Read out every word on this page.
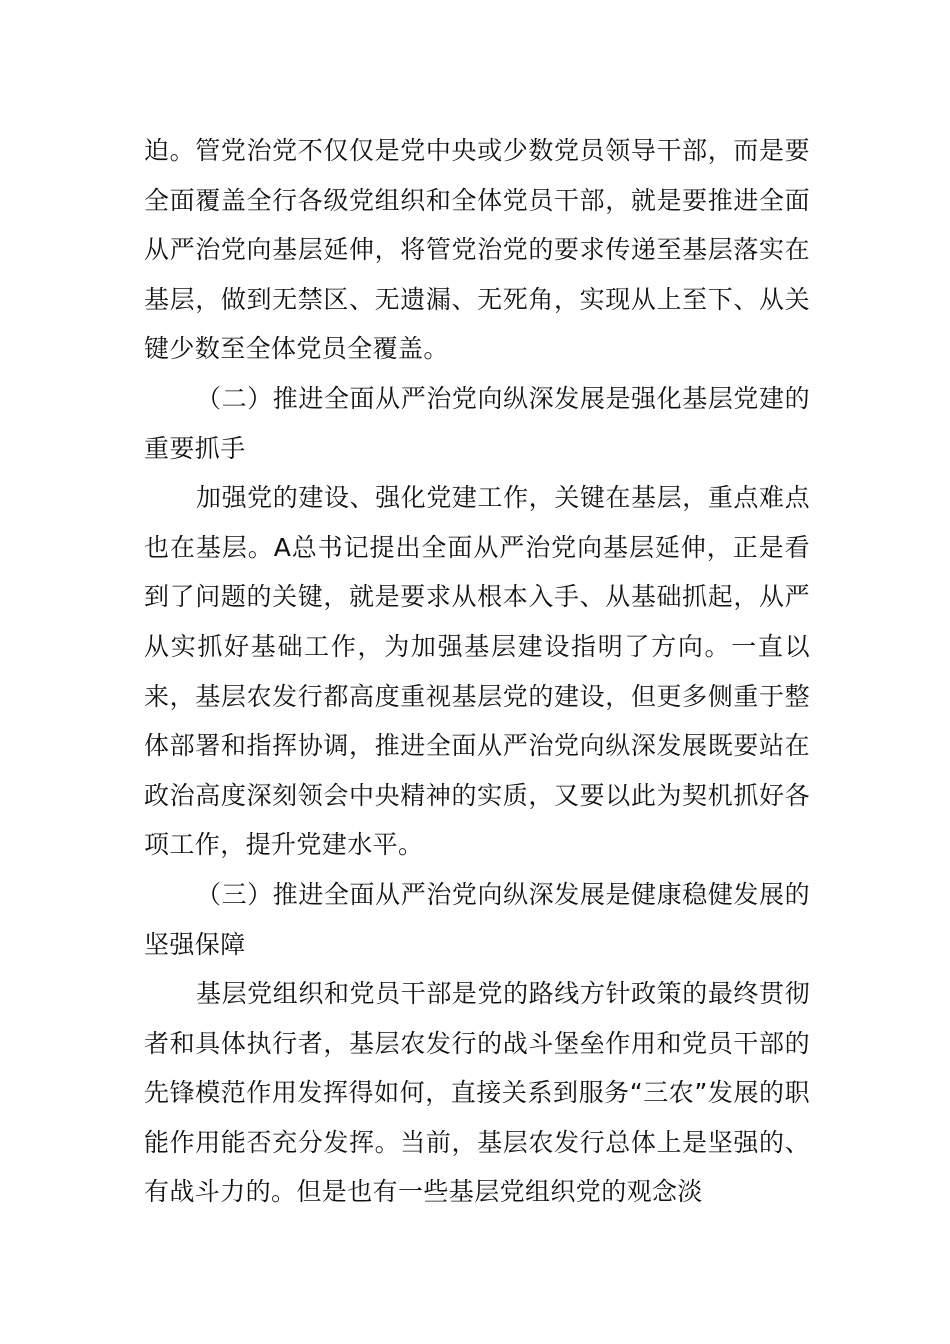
迫。管党治党不仅仅是党中央或少数党员领导干部，而是要全面覆盖全行各级党组织和全体党员干部，就是要推进全面从严治党向基层延伸，将管党治党的要求传递至基层落实在基层，做到无禁区、无遗漏、无死角，实现从上至下、从关键少数至全体党员全覆盖。

（二）推进全面从严治党向纵深发展是强化基层党建的重要抓手

加强党的建设、强化党建工作，关键在基层，重点难点也在基层。A总书记提出全面从严治党向基层延伸，正是看到了问题的关键，就是要求从根本入手、从基础抓起，从严从实抓好基础工作，为加强基层建设指明了方向。一直以来，基层农发行都高度重视基层党的建设，但更多侧重于整体部署和指挥协调，推进全面从严治党向纵深发展既要站在政治高度深刻领会中央精神的实质，又要以此为契机抓好各项工作，提升党建水平。

（三）推进全面从严治党向纵深发展是健康稳健发展的坚强保障

基层党组织和党员干部是党的路线方针政策的最终贯彻者和具体执行者，基层农发行的战斗堡垒作用和党员干部的先锋模范作用发挥得如何，直接关系到服务“三农”发展的职能作用能否充分发挥。当前，基层农发行总体上是坚强的、有战斗力的。但是也有一些基层党组织党的观念淡
